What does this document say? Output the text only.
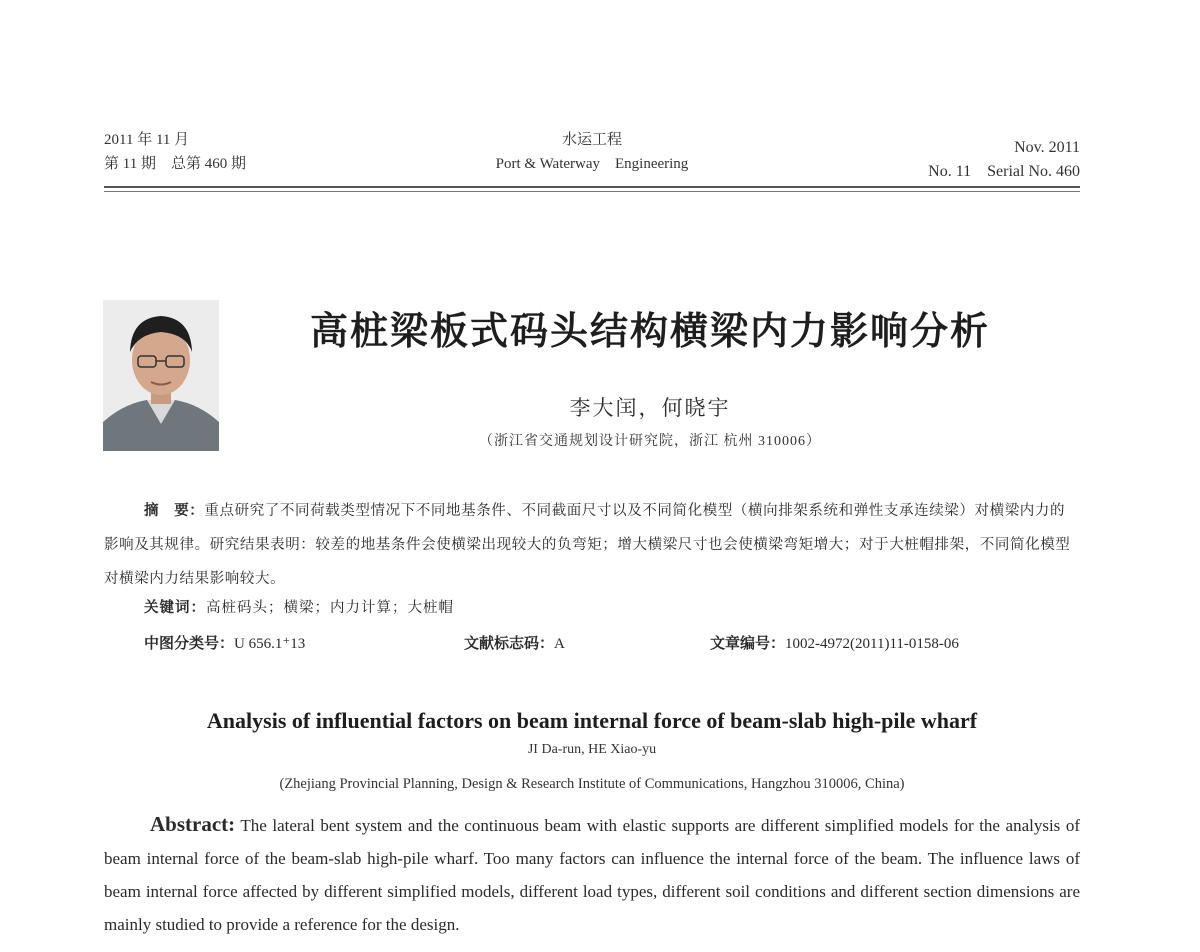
2011 年 11 月
第 11 期　总第 460 期
水运工程
Port & Waterway　Engineering
Nov. 2011
No. 11　Serial No. 460
高桩梁板式码头结构横梁内力影响分析
李大闰，何晓宇
（浙江省交通规划设计研究院，浙江 杭州 310006）
摘　要：重点研究了不同荷载类型情况下不同地基条件、不同截面尺寸以及不同简化模型（横向排架系统和弹性支承连续梁）对横梁内力的影响及其规律。研究结果表明：较差的地基条件会使横梁出现较大的负弯矩；增大横梁尺寸也会使横梁弯矩增大；对于大桩帽排架，不同简化模型对横梁内力结果影响较大。
关键词：高桩码头；横梁；内力计算；大桩帽
中图分类号：U 656.1⁺13	文献标志码：A	文章编号：1002-4972(2011)11-0158-06
Analysis of influential factors on beam internal force of beam-slab high-pile wharf
JI Da-run, HE Xiao-yu
(Zhejiang Provincial Planning, Design & Research Institute of Communications, Hangzhou 310006, China)
Abstract: The lateral bent system and the continuous beam with elastic supports are different simplified models for the analysis of beam internal force of the beam-slab high-pile wharf. Too many factors can influence the internal force of the beam. The influence laws of beam internal force affected by different simplified models, different load types, different soil conditions and different section dimensions are mainly studied to provide a reference for the design.
